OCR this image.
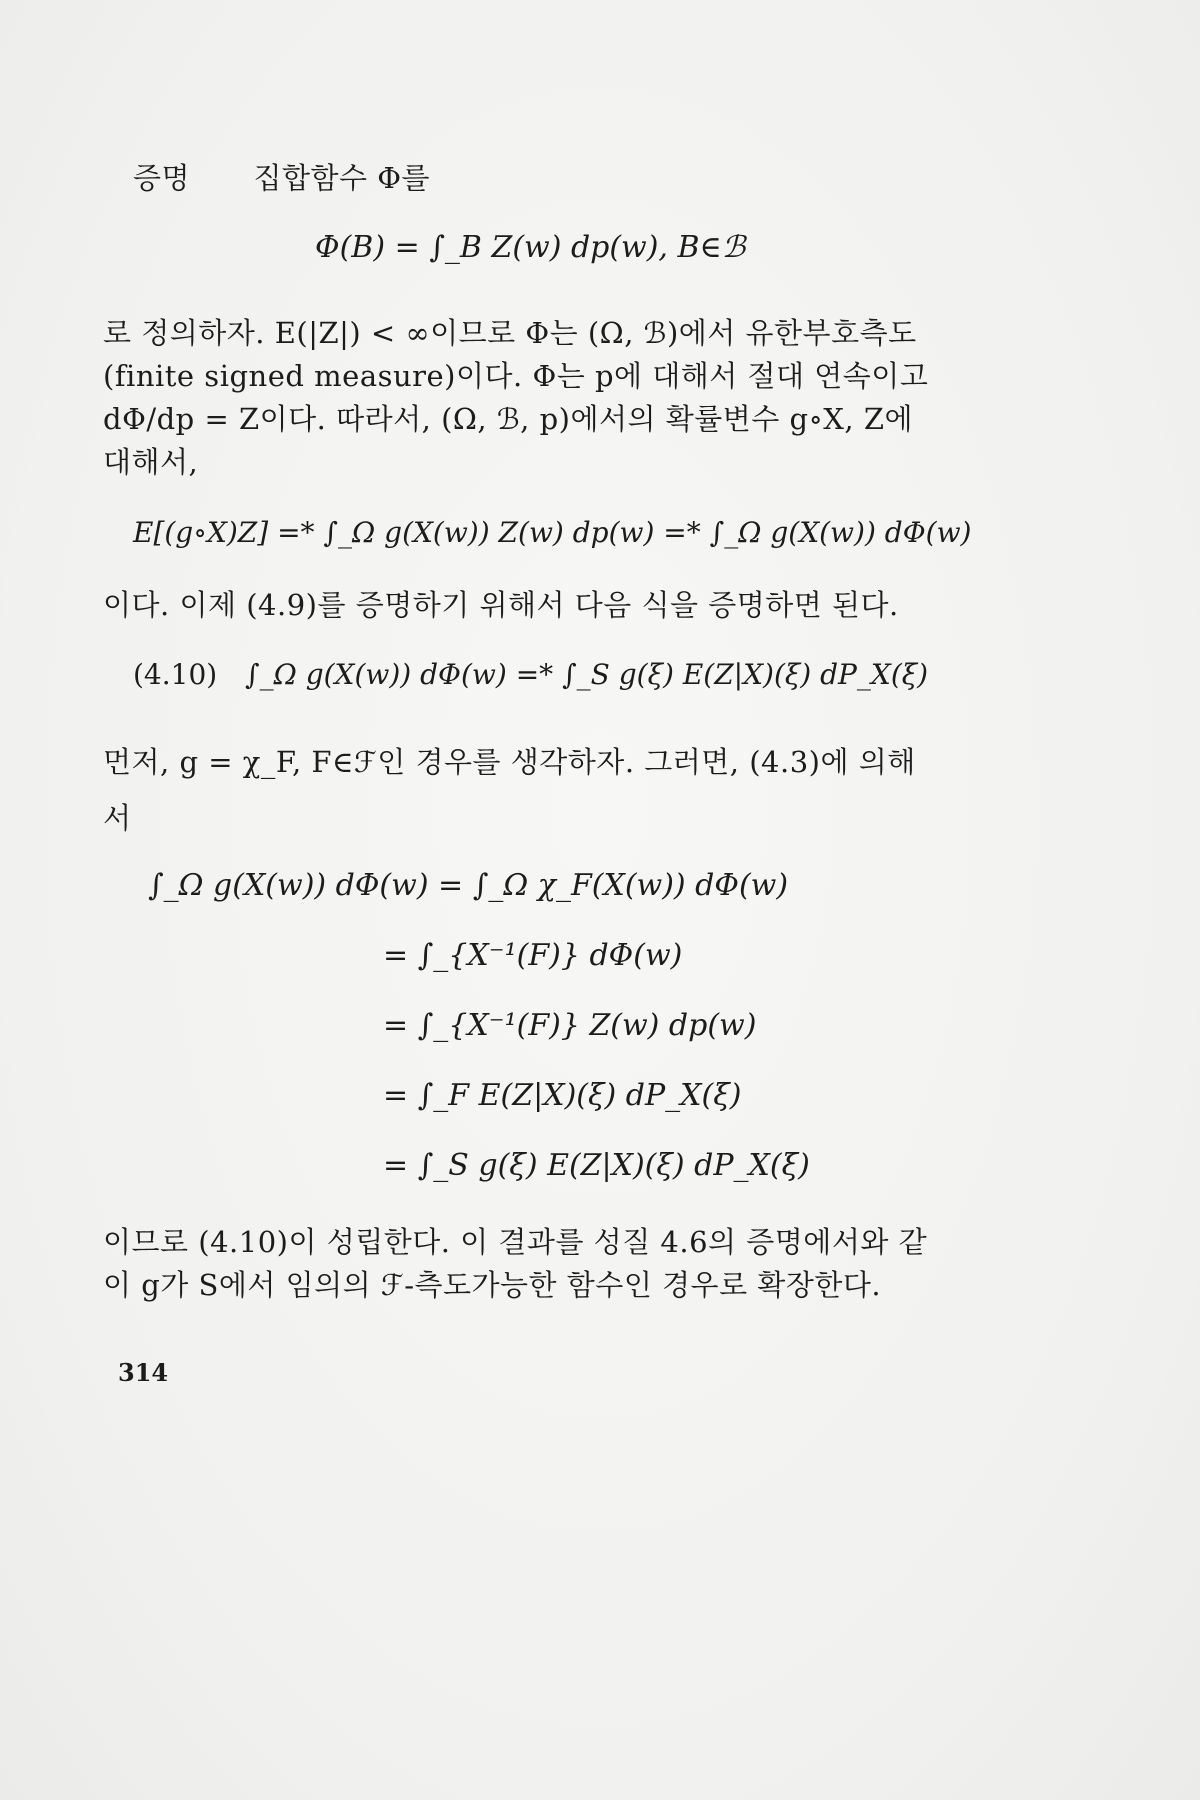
증명 집합함수 Φ를
Φ(B) = ∫_B Z(w) dp(w), B∈ℬ
로 정의하자. E(|Z|) < ∞이므로 Φ는 (Ω, ℬ)에서 유한부호측도
(finite signed measure)이다. Φ는 p에 대해서 절대 연속이고
dΦ/dp = Z이다. 따라서, (Ω, ℬ, p)에서의 확률변수 g∘X, Z에
대해서,
E[(g∘X)Z] =* ∫_Ω g(X(w)) Z(w) dp(w) =* ∫_Ω g(X(w)) dΦ(w)
이다. 이제 (4.9)를 증명하기 위해서 다음 식을 증명하면 된다.
(4.10) ∫_Ω g(X(w)) dΦ(w) =* ∫_S g(ξ) E(Z|X)(ξ) dP_X(ξ)
먼저, g = χ_F, F∈ℱ인 경우를 생각하자. 그러면, (4.3)에 의해
서
∫_Ω g(X(w)) dΦ(w) = ∫_Ω χ_F(X(w)) dΦ(w)
= ∫_{X⁻¹(F)} dΦ(w)
= ∫_{X⁻¹(F)} Z(w) dp(w)
= ∫_F E(Z|X)(ξ) dP_X(ξ)
= ∫_S g(ξ) E(Z|X)(ξ) dP_X(ξ)
이므로 (4.10)이 성립한다. 이 결과를 성질 4.6의 증명에서와 같
이 g가 S에서 임의의 ℱ-측도가능한 함수인 경우로 확장한다.
314
